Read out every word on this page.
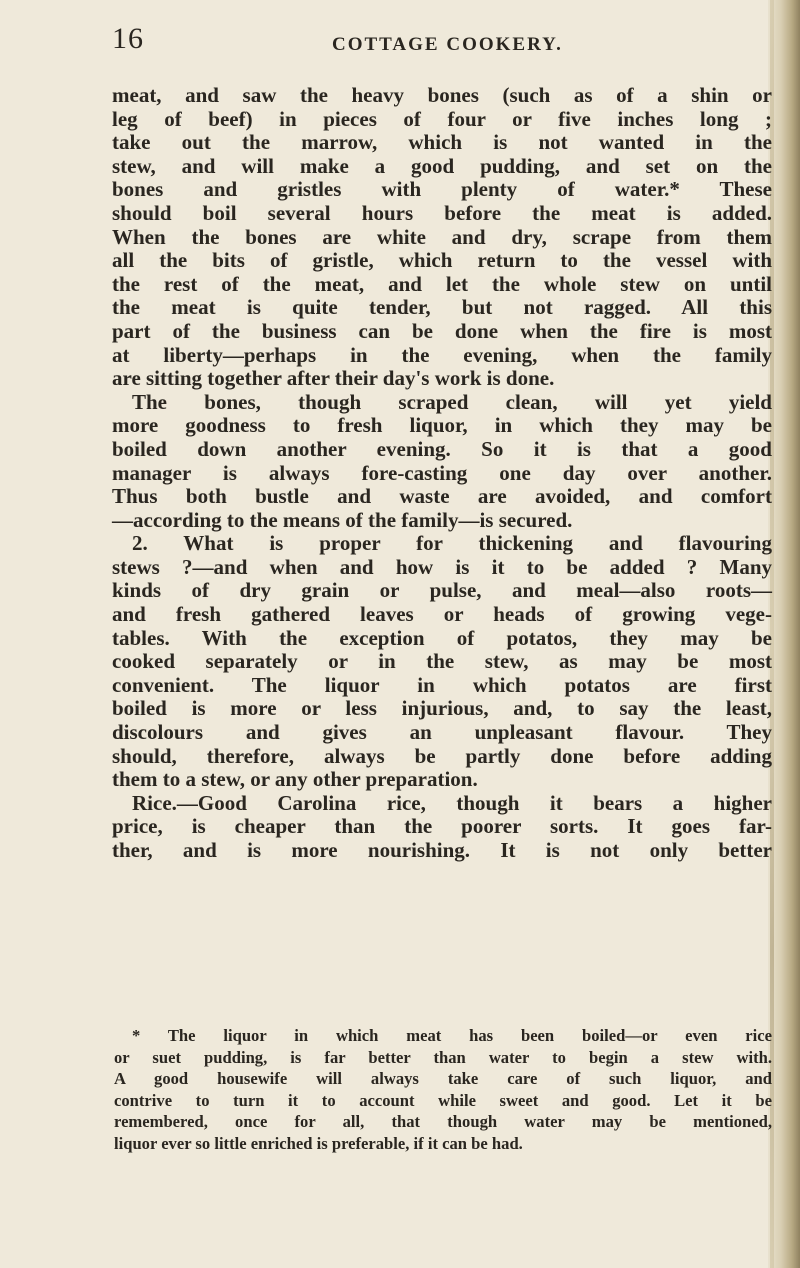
16	COTTAGE COOKERY.
meat, and saw the heavy bones (such as of a shin or
leg of beef) in pieces of four or five inches long ;
take out the marrow, which is not wanted in the
stew, and will make a good pudding, and set on the
bones and gristles with plenty of water.* These
should boil several hours before the meat is added.
When the bones are white and dry, scrape from them
all the bits of gristle, which return to the vessel with
the rest of the meat, and let the whole stew on until
the meat is quite tender, but not ragged. All this
part of the business can be done when the fire is most
at liberty—perhaps in the evening, when the family
are sitting together after their day's work is done.
The bones, though scraped clean, will yet yield
more goodness to fresh liquor, in which they may be
boiled down another evening. So it is that a good
manager is always fore-casting one day over another.
Thus both bustle and waste are avoided, and comfort
—according to the means of the family—is secured.
2. What is proper for thickening and flavouring
stews ?—and when and how is it to be added ? Many
kinds of dry grain or pulse, and meal—also roots—
and fresh gathered leaves or heads of growing vege-
tables. With the exception of potatos, they may be
cooked separately or in the stew, as may be most
convenient. The liquor in which potatos are first
boiled is more or less injurious, and, to say the least,
discolours and gives an unpleasant flavour. They
should, therefore, always be partly done before adding
them to a stew, or any other preparation.
Rice.—Good Carolina rice, though it bears a higher
price, is cheaper than the poorer sorts. It goes far-
ther, and is more nourishing. It is not only better
* The liquor in which meat has been boiled—or even rice
or suet pudding, is far better than water to begin a stew with.
A good housewife will always take care of such liquor, and
contrive to turn it to account while sweet and good. Let it be
remembered, once for all, that though water may be mentioned,
liquor ever so little enriched is preferable, if it can be had.
